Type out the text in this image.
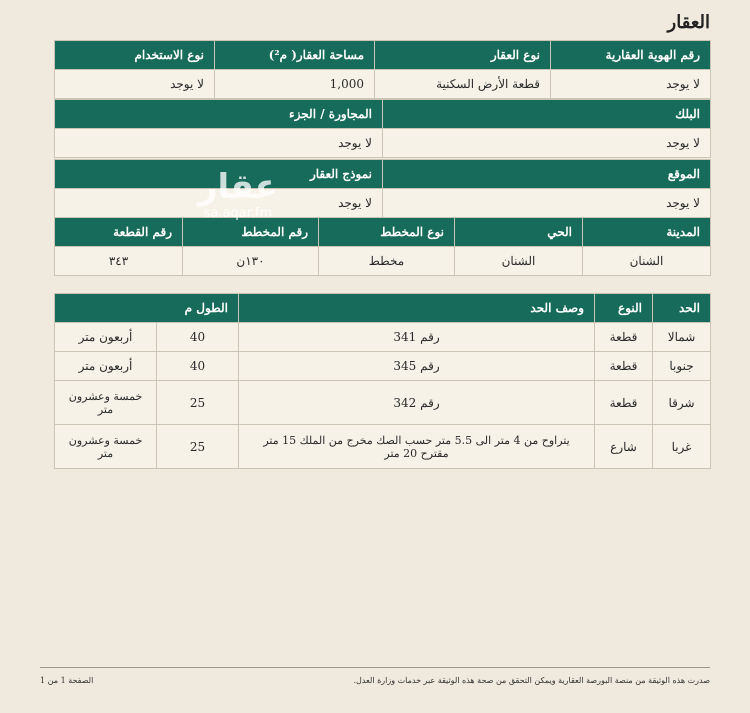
العقار
رقم الهوية العقارية	نوع العقار	مساحة العقار( م²)	نوع الاستخدام
لا يوجد	قطعة الأرض السكنية	1,000	لا يوجد
البلك	المجاورة / الجزء
لا يوجد	لا يوجد
الموقع	نموذج العقار
لا يوجد	لا يوجد
المدينة	الحي	نوع المخطط	رقم المخطط	رقم القطعة
الشنان	الشنان	مخطط	١٣٠ن	٣٤٣
الحد	النوع	وصف الحد	الطول م	
شمالا	قطعة	رقم 341	40	أربعون متر
جنوبا	قطعة	رقم 345	40	أربعون متر
شرقا	قطعة	رقم 342	25	خمسة وعشرون متر
غربا	شارع	يتراوح من 4 متر الى 5.5 متر حسب الصك مخرج من الملك 15 متر مقترح 20 متر	25	خمسة وعشرون متر
عقار
sa.aqar.fm
صدرت هذه الوثيقة من منصة البورصة العقارية ويمكن التحقق من صحة هذه الوثيقة عبر خدمات وزارة العدل.
الصفحة 1 من 1
